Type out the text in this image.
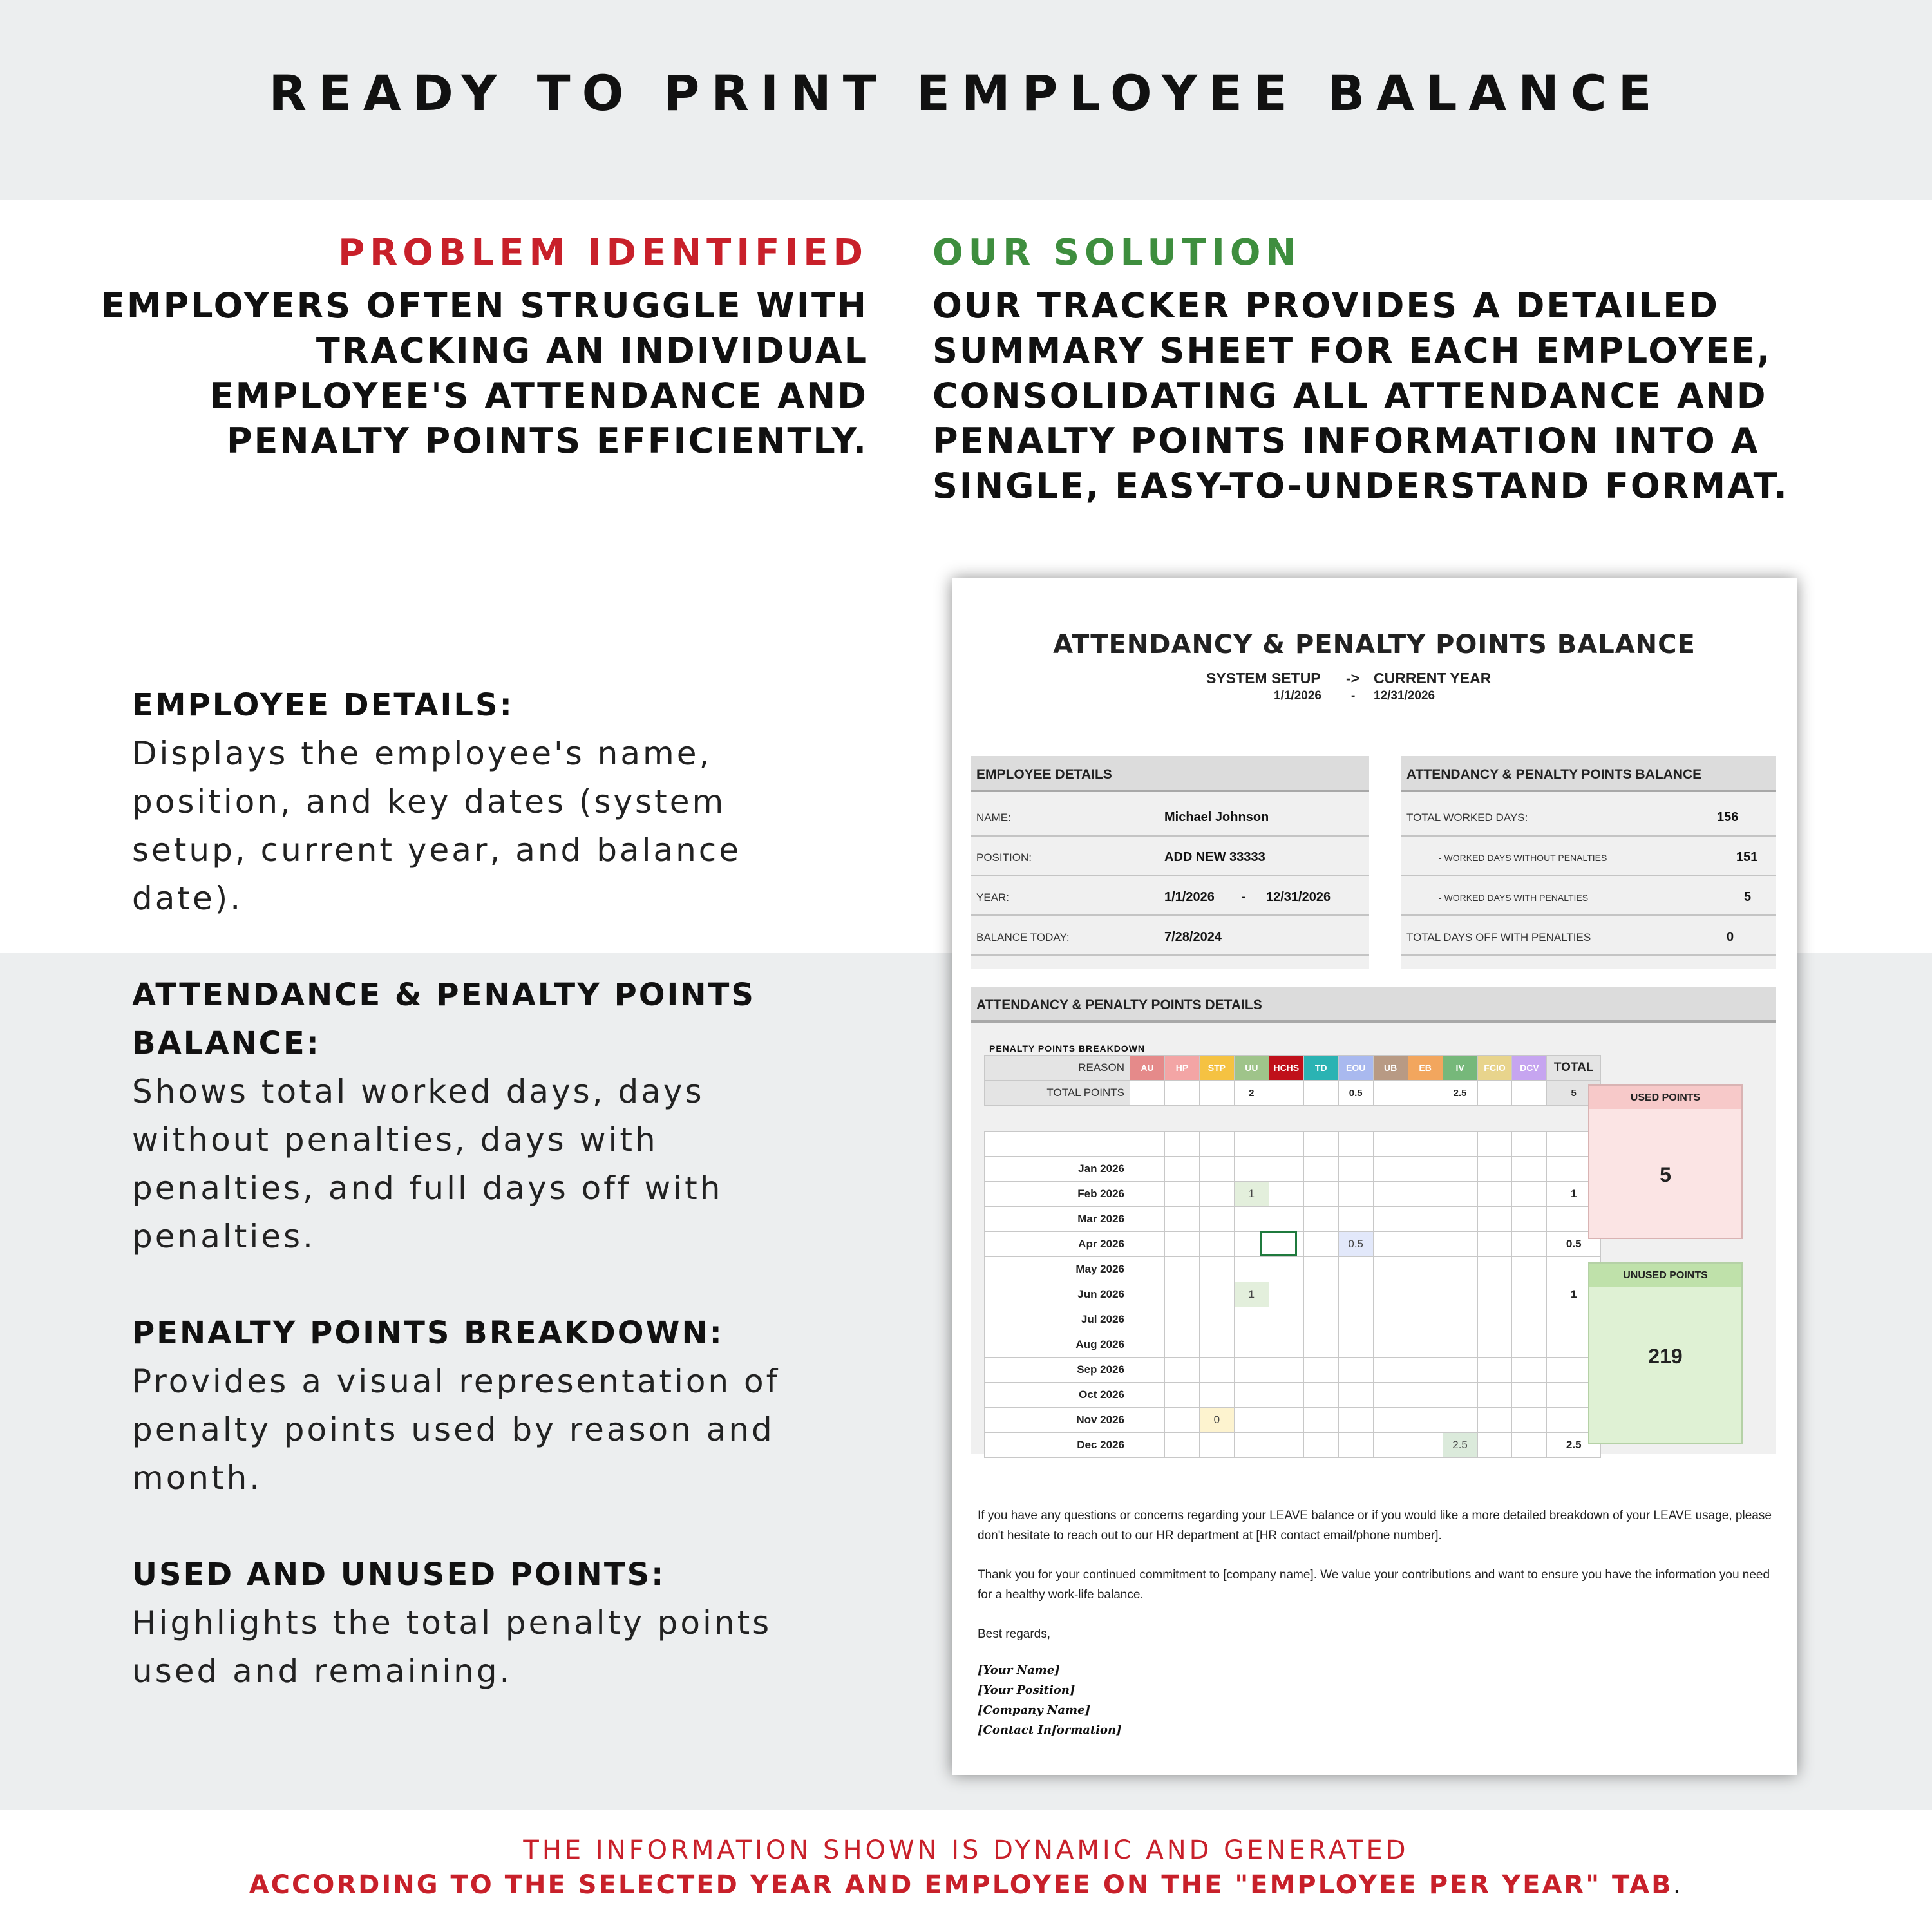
READY TO PRINT EMPLOYEE BALANCE
PROBLEM IDENTIFIED
EMPLOYERS OFTEN STRUGGLE WITH
TRACKING AN INDIVIDUAL
EMPLOYEE'S ATTENDANCE AND
PENALTY POINTS EFFICIENTLY.
OUR SOLUTION
OUR TRACKER PROVIDES A DETAILED
SUMMARY SHEET FOR EACH EMPLOYEE,
CONSOLIDATING ALL ATTENDANCE AND
PENALTY POINTS INFORMATION INTO A
SINGLE, EASY-TO-UNDERSTAND FORMAT.
EMPLOYEE DETAILS:
Displays the employee's name, position, and key dates (system setup, current year, and balance date).
ATTENDANCE & PENALTY POINTS BALANCE:
Shows total worked days, days without penalties, days with penalties, and full days off with penalties.
PENALTY POINTS BREAKDOWN:
Provides a visual representation of penalty points used by reason and month.
USED AND UNUSED POINTS:
Highlights the total penalty points used and remaining.
ATTENDANCY & PENALTY POINTS BALANCE
SYSTEM SETUP -> CURRENT YEAR
1/1/2026 - 12/31/2026
EMPLOYEE DETAILS
NAME:	Michael Johnson
POSITION:	ADD NEW 33333
YEAR:	1/1/2026 - 12/31/2026
BALANCE TODAY:	7/28/2024
ATTENDANCY & PENALTY POINTS BALANCE
TOTAL WORKED DAYS:	156
- WORKED DAYS WITHOUT PENALTIES	151
- WORKED DAYS WITH PENALTIES	5
TOTAL DAYS OFF WITH PENALTIES	0
ATTENDANCY & PENALTY POINTS DETAILS
PENALTY POINTS BREAKDOWN
REASON	AU	HP	STP	UU	HCHS	TD	EOU	UB	EB	IV	FCIO	DCV	TOTAL
TOTAL POINTS				2			0.5			2.5			5

Jan 2026													
Feb 2026				1									1
Mar 2026													
Apr 2026							0.5						0.5
May 2026													
Jun 2026				1									1
Jul 2026													
Aug 2026													
Sep 2026													
Oct 2026													
Nov 2026			0										
Dec 2026										2.5			2.5
USED POINTS
5
UNUSED POINTS
219
If you have any questions or concerns regarding your LEAVE balance or if you would like a more detailed breakdown of your LEAVE usage, please don't hesitate to reach out to our HR department at [HR contact email/phone number].
Thank you for your continued commitment to [company name]. We value your contributions and want to ensure you have the information you need for a healthy work-life balance.
Best regards,
[Your Name]
[Your Position]
[Company Name]
[Contact Information]
THE INFORMATION SHOWN IS DYNAMIC AND GENERATED
ACCORDING TO THE SELECTED YEAR AND EMPLOYEE ON THE "EMPLOYEE PER YEAR" TAB.
